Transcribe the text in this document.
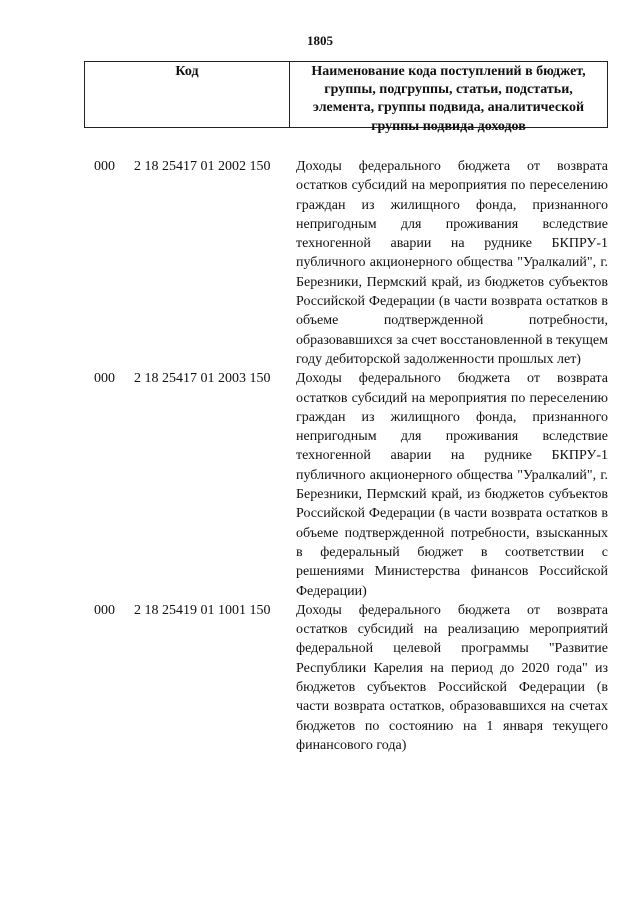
1805
Код	Наименование кода поступлений в бюджет, группы, подгруппы, статьи, подстатьи, элемента, группы подвида, аналитической группы подвида доходов
000	2 18 25417 01 2002 150	Доходы федерального бюджета от возврата остатков субсидий на мероприятия по переселению граждан из жилищного фонда, признанного непригодным для проживания вследствие техногенной аварии на руднике БКПРУ-1 публичного акционерного общества "Уралкалий", г. Березники, Пермский край, из бюджетов субъектов Российской Федерации (в части возврата остатков в объеме подтвержденной потребности, образовавшихся за счет восстановленной в текущем году дебиторской задолженности прошлых лет)
000	2 18 25417 01 2003 150	Доходы федерального бюджета от возврата остатков субсидий на мероприятия по переселению граждан из жилищного фонда, признанного непригодным для проживания вследствие техногенной аварии на руднике БКПРУ-1 публичного акционерного общества "Уралкалий", г. Березники, Пермский край, из бюджетов субъектов Российской Федерации (в части возврата остатков в объеме подтвержденной потребности, взысканных в федеральный бюджет в соответствии с решениями Министерства финансов Российской Федерации)
000	2 18 25419 01 1001 150	Доходы федерального бюджета от возврата остатков субсидий на реализацию мероприятий федеральной целевой программы "Развитие Республики Карелия на период до 2020 года" из бюджетов субъектов Российской Федерации (в части возврата остатков, образовавшихся на счетах бюджетов по состоянию на 1 января текущего финансового года)
